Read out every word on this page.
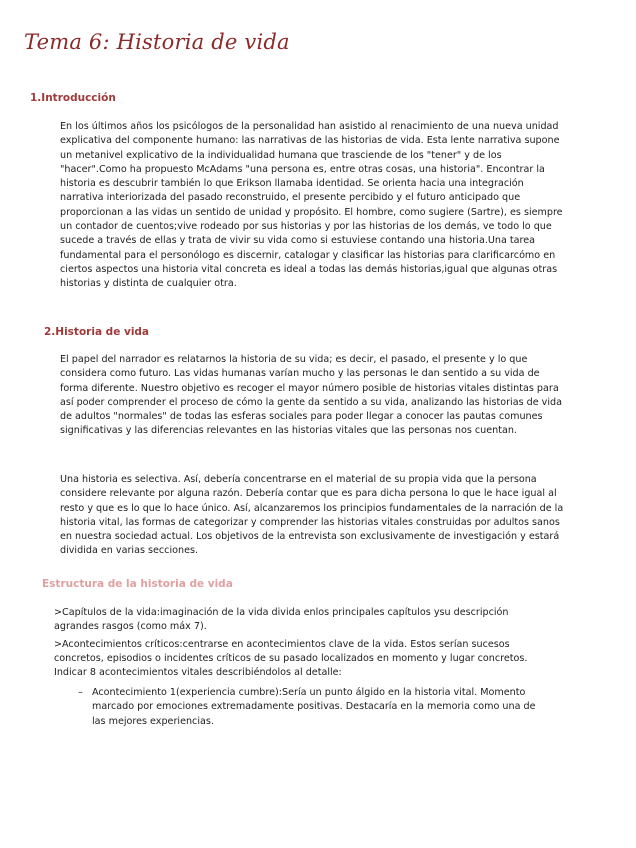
Tema 6: Historia de vida
1.Introducción

En los últimos años los psicólogos de la personalidad han asistido al renacimiento de una nueva unidad explicativa del componente humano: las narrativas de las historias de vida. Esta lente narrativa supone un metanivel explicativo de la individualidad humana que trasciende de los "tener" y de los "hacer".Como ha propuesto McAdams "una persona es, entre otras cosas, una historia". Encontrar la historia es descubrir también lo que Erikson llamaba identidad. Se orienta hacia una integración narrativa interiorizada del pasado reconstruido, el presente percibido y el futuro anticipado que proporcionan a las vidas un sentido de unidad y propósito. El hombre, como sugiere (Sartre), es siempre un contador de cuentos;vive rodeado por sus historias y por las historias de los demás, ve todo lo que sucede a través de ellas y trata de vivir su vida como si estuviese contando una historia.Una tarea fundamental para el personólogo es discernir, catalogar y clasificar las historias para clarificarcómo en ciertos aspectos una historia vital concreta es ideal a todas las demás historias,igual que algunas otras historias y distinta de cualquier otra.

2.Historia de vida

El papel del narrador es relatarnos la historia de su vida; es decir, el pasado, el presente y lo que considera como futuro. Las vidas humanas varían mucho y las personas le dan sentido a su vida de forma diferente. Nuestro objetivo es recoger el mayor número posible de historias vitales distintas para así poder comprender el proceso de cómo la gente da sentido a su vida, analizando las historias de vida de adultos "normales" de todas las esferas sociales para poder llegar a conocer las pautas comunes significativas y las diferencias relevantes en las historias vitales que las personas nos cuentan.

Una historia es selectiva. Así, debería concentrarse en el material de su propia vida que la persona considere relevante por alguna razón. Debería contar que es para dicha persona lo que le hace igual al resto y que es lo que lo hace único. Así, alcanzaremos los principios fundamentales de la narración de la historia vital, las formas de categorizar y comprender las historias vitales construidas por adultos sanos en nuestra sociedad actual. Los objetivos de la entrevista son exclusivamente de investigación y estará dividida en varias secciones.

Estructura de la historia de vida
>Capítulos de la vida:imaginación de la vida divida enlos principales capítulos ysu descripción agrandes rasgos (como máx 7).
>Acontecimientos críticos:centrarse en acontecimientos clave de la vida. Estos serían sucesos concretos, episodios o incidentes críticos de su pasado localizados en momento y lugar concretos. Indicar 8 acontecimientos vitales describiéndolos al detalle:
– Acontecimiento 1(experiencia cumbre):Sería un punto álgido en la historia vital. Momento marcado por emociones extremadamente positivas. Destacaría en la memoria como una de las mejores experiencias.
